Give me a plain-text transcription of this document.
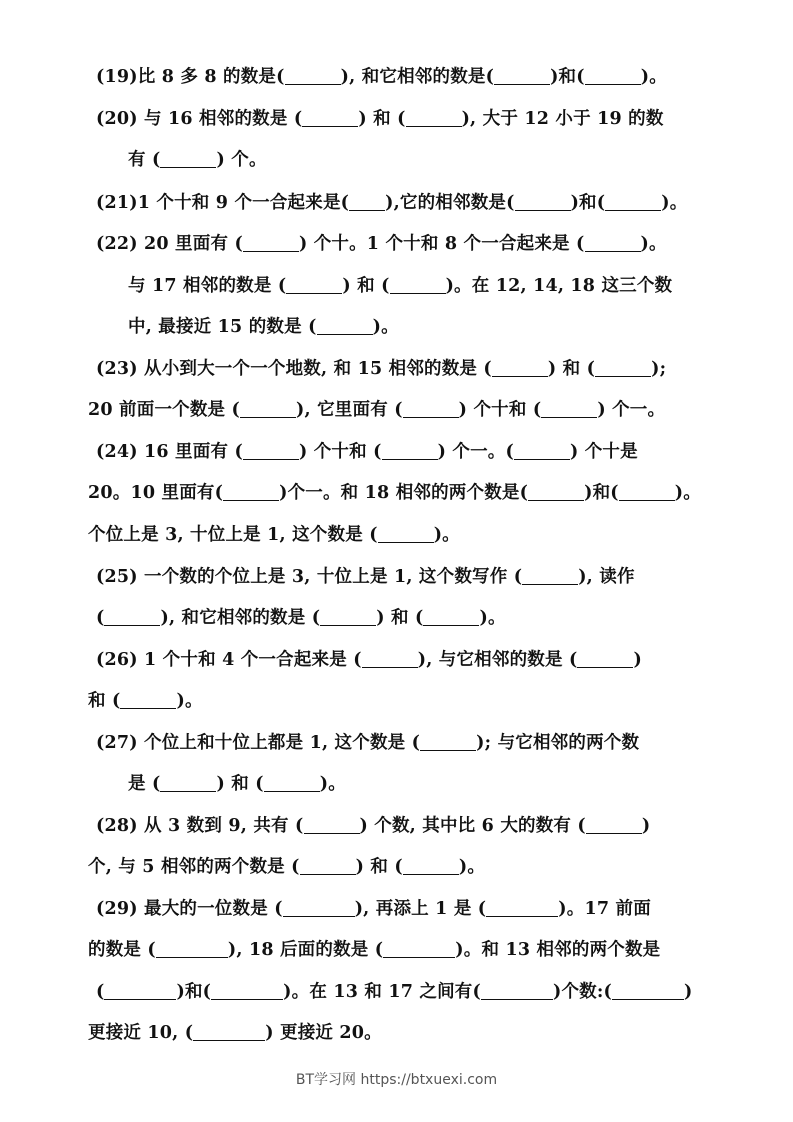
(19)比 8 多 8 的数是(	), 和它相邻的数是(	)和(	)。
(20) 与 16 相邻的数是 (	) 和 (	), 大于 12 小于 19 的数
有 (	) 个。
(21)1 个十和 9 个一合起来是( ),它的相邻数是(	)和(	)。
(22) 20 里面有 (	) 个十。1 个十和 8 个一合起来是 (	)。
与 17 相邻的数是 (	) 和 (	)。在 12, 14, 18 这三个数
中, 最接近 15 的数是 (	)。
(23) 从小到大一个一个地数, 和 15 相邻的数是 (	) 和 (	);
20 前面一个数是 (	), 它里面有 (	) 个十和 (	) 个一。
(24) 16 里面有 (	) 个十和 (	) 个一。(	) 个十是
20。10 里面有(	)个一。和 18 相邻的两个数是(	)和(	)。
个位上是 3, 十位上是 1, 这个数是 (	)。
(25) 一个数的个位上是 3, 十位上是 1, 这个数写作 (	), 读作
(	), 和它相邻的数是 (	) 和 (	)。
(26) 1 个十和 4 个一合起来是 (	), 与它相邻的数是 (	)
和 (	)。
(27) 个位上和十位上都是 1, 这个数是 (	); 与它相邻的两个数
是 (	) 和 (	)。
(28) 从 3 数到 9, 共有 (	) 个数, 其中比 6 大的数有 (	)
个, 与 5 相邻的两个数是 (	) 和 (	)。
(29) 最大的一位数是 (	), 再添上 1 是 (	)。17 前面
的数是 (	), 18 后面的数是 (	)。和 13 相邻的两个数是
(	)和(	)。在 13 和 17 之间有(	)个数:(	)
更接近 10, (	) 更接近 20。
BT学习网 https://btxuexi.com
